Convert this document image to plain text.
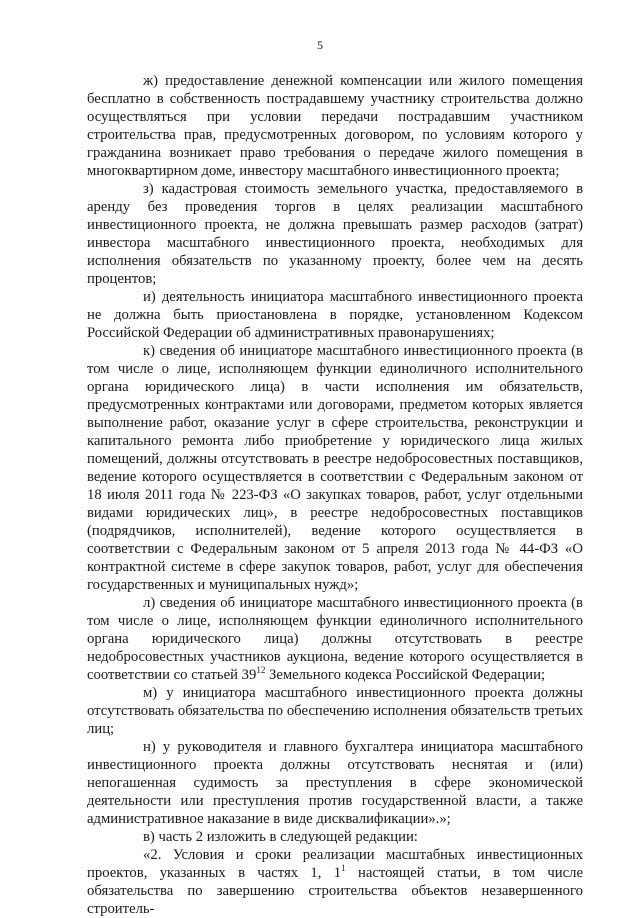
5

ж) предоставление денежной компенсации или жилого помещения бесплатно в собственность пострадавшему участнику строительства должно осуществляться при условии передачи пострадавшим участником строительства прав, предусмотренных договором, по условиям которого у гражданина возникает право требования о передаче жилого помещения в многоквартирном доме, инвестору масштабного инвестиционного проекта;

з) кадастровая стоимость земельного участка, предоставляемого в аренду без проведения торгов в целях реализации масштабного инвестиционного проекта, не должна превышать размер расходов (затрат) инвестора масштабного инвестиционного проекта, необходимых для исполнения обязательств по указанному проекту, более чем на десять процентов;

и) деятельность инициатора масштабного инвестиционного проекта не должна быть приостановлена в порядке, установленном Кодексом Российской Федерации об административных правонарушениях;

к) сведения об инициаторе масштабного инвестиционного проекта (в том числе о лице, исполняющем функции единоличного исполнительного органа юридического лица) в части исполнения им обязательств, предусмотренных контрактами или договорами, предметом которых является выполнение работ, оказание услуг в сфере строительства, реконструкции и капитального ремонта либо приобретение у юридического лица жилых помещений, должны отсутствовать в реестре недобросовестных поставщиков, ведение которого осуществляется в соответствии с Федеральным законом от 18 июля 2011 года № 223-ФЗ «О закупках товаров, работ, услуг отдельными видами юридических лиц», в реестре недобросовестных поставщиков (подрядчиков, исполнителей), ведение которого осуществляется в соответствии с Федеральным законом от 5 апреля 2013 года № 44-ФЗ «О контрактной системе в сфере закупок товаров, работ, услуг для обеспечения государственных и муниципальных нужд»;

л) сведения об инициаторе масштабного инвестиционного проекта (в том числе о лице, исполняющем функции единоличного исполнительного органа юридического лица) должны отсутствовать в реестре недобросовестных участников аукциона, ведение которого осуществляется в соответствии со статьей $39^{12}$ Земельного кодекса Российской Федерации;

м) у инициатора масштабного инвестиционного проекта должны отсутствовать обязательства по обеспечению исполнения обязательств третьих лиц;

н) у руководителя и главного бухгалтера инициатора масштабного инвестиционного проекта должны отсутствовать неснятая и (или) непогашенная судимость за преступления в сфере экономической деятельности или преступления против государственной власти, а также административное наказание в виде дисквалификации».»;

в) часть 2 изложить в следующей редакции:

«2. Условия и сроки реализации масштабных инвестиционных проектов, указанных в частях 1, $1^1$ настоящей статьи, в том числе обязательства по завершению строительства объектов незавершенного строитель-
